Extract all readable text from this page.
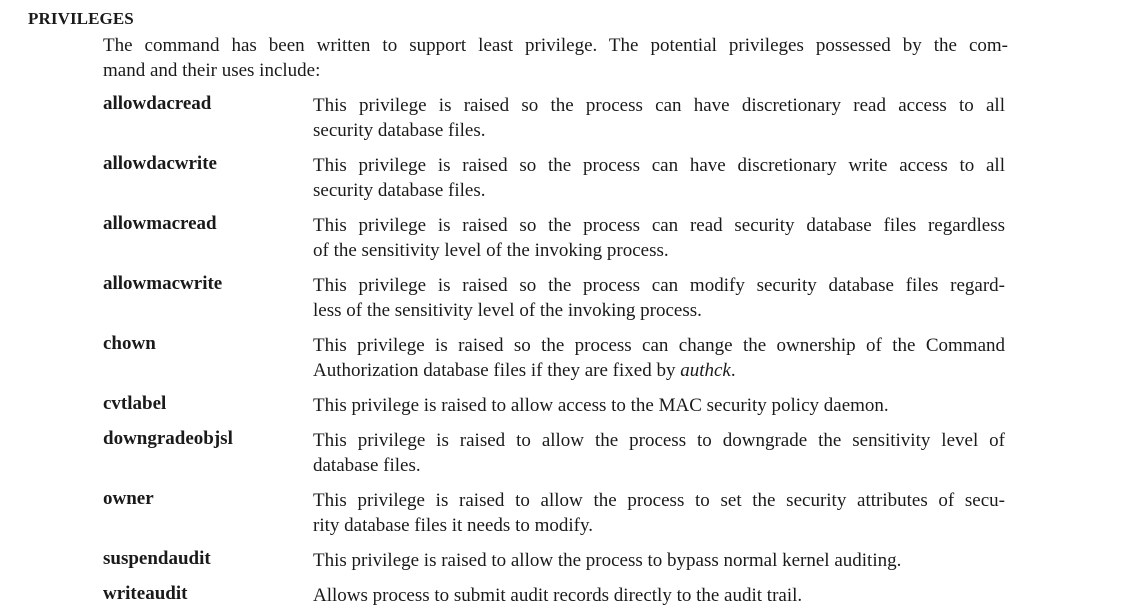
PRIVILEGES

The command has been written to support least privilege. The potential privileges possessed by the com-
mand and their uses include:

allowdacread	This privilege is raised so the process can have discretionary read access to all
security database files.
allowdacwrite	This privilege is raised so the process can have discretionary write access to all
security database files.
allowmacread	This privilege is raised so the process can read security database files regardless
of the sensitivity level of the invoking process.
allowmacwrite	This privilege is raised so the process can modify security database files regard-
less of the sensitivity level of the invoking process.
chown	This privilege is raised so the process can change the ownership of the Command
Authorization database files if they are fixed by authck.
cvtlabel	This privilege is raised to allow access to the MAC security policy daemon.
downgradeobjsl	This privilege is raised to allow the process to downgrade the sensitivity level of
database files.
owner	This privilege is raised to allow the process to set the security attributes of secu-
rity database files it needs to modify.
suspendaudit	This privilege is raised to allow the process to bypass normal kernel auditing.
writeaudit	Allows process to submit audit records directly to the audit trail.
